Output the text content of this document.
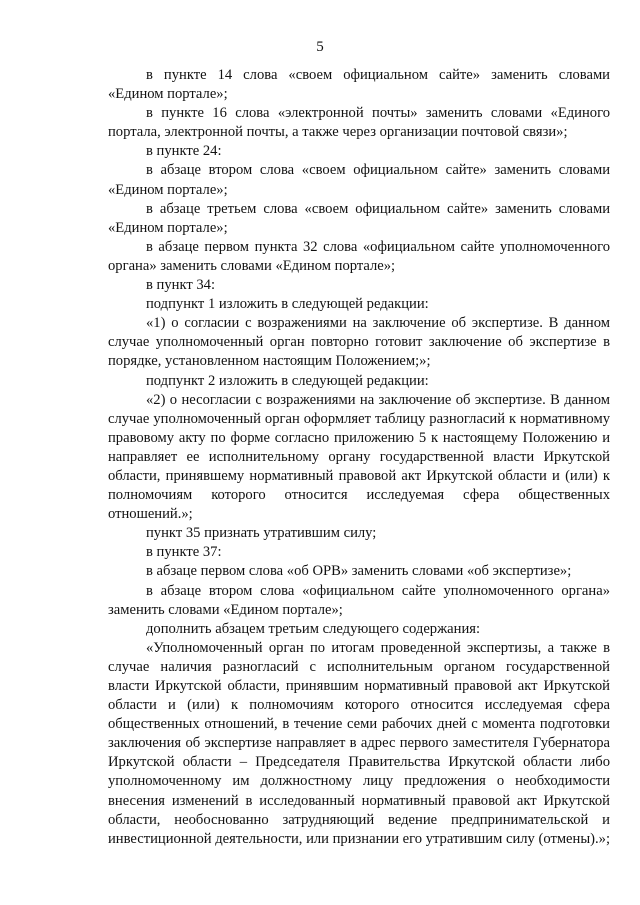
5

в пункте 14 слова «своем официальном сайте» заменить словами «Едином портале»;

в пункте 16 слова «электронной почты» заменить словами «Единого портала, электронной почты, а также через организации почтовой связи»;

в пункте 24:

в абзаце втором слова «своем официальном сайте» заменить словами «Едином портале»;

в абзаце третьем слова «своем официальном сайте» заменить словами «Едином портале»;

в абзаце первом пункта 32 слова «официальном сайте уполномоченного органа» заменить словами «Едином портале»;

в пункт 34:

подпункт 1 изложить в следующей редакции:

«1) о согласии с возражениями на заключение об экспертизе. В данном случае уполномоченный орган повторно готовит заключение об экспертизе в порядке, установленном настоящим Положением;»;

подпункт 2 изложить в следующей редакции:

«2) о несогласии с возражениями на заключение об экспертизе. В данном случае уполномоченный орган оформляет таблицу разногласий к нормативному правовому акту по форме согласно приложению 5 к настоящему Положению и направляет ее исполнительному органу государственной власти Иркутской области, принявшему нормативный правовой акт Иркутской области и (или) к полномочиям которого относится исследуемая сфера общественных отношений.»;

пункт 35 признать утратившим силу;

в пункте 37:

в абзаце первом слова «об ОРВ» заменить словами «об экспертизе»;

в абзаце втором слова «официальном сайте уполномоченного органа» заменить словами «Едином портале»;

дополнить абзацем третьим следующего содержания:

«Уполномоченный орган по итогам проведенной экспертизы, а также в случае наличия разногласий с исполнительным органом государственной власти Иркутской области, принявшим нормативный правовой акт Иркутской области и (или) к полномочиям которого относится исследуемая сфера общественных отношений, в течение семи рабочих дней с момента подготовки заключения об экспертизе направляет в адрес первого заместителя Губернатора Иркутской области – Председателя Правительства Иркутской области либо уполномоченному им должностному лицу предложения о необходимости внесения изменений в исследованный нормативный правовой акт Иркутской области, необоснованно затрудняющий ведение предпринимательской и инвестиционной деятельности, или признании его утратившим силу (отмены).»;
